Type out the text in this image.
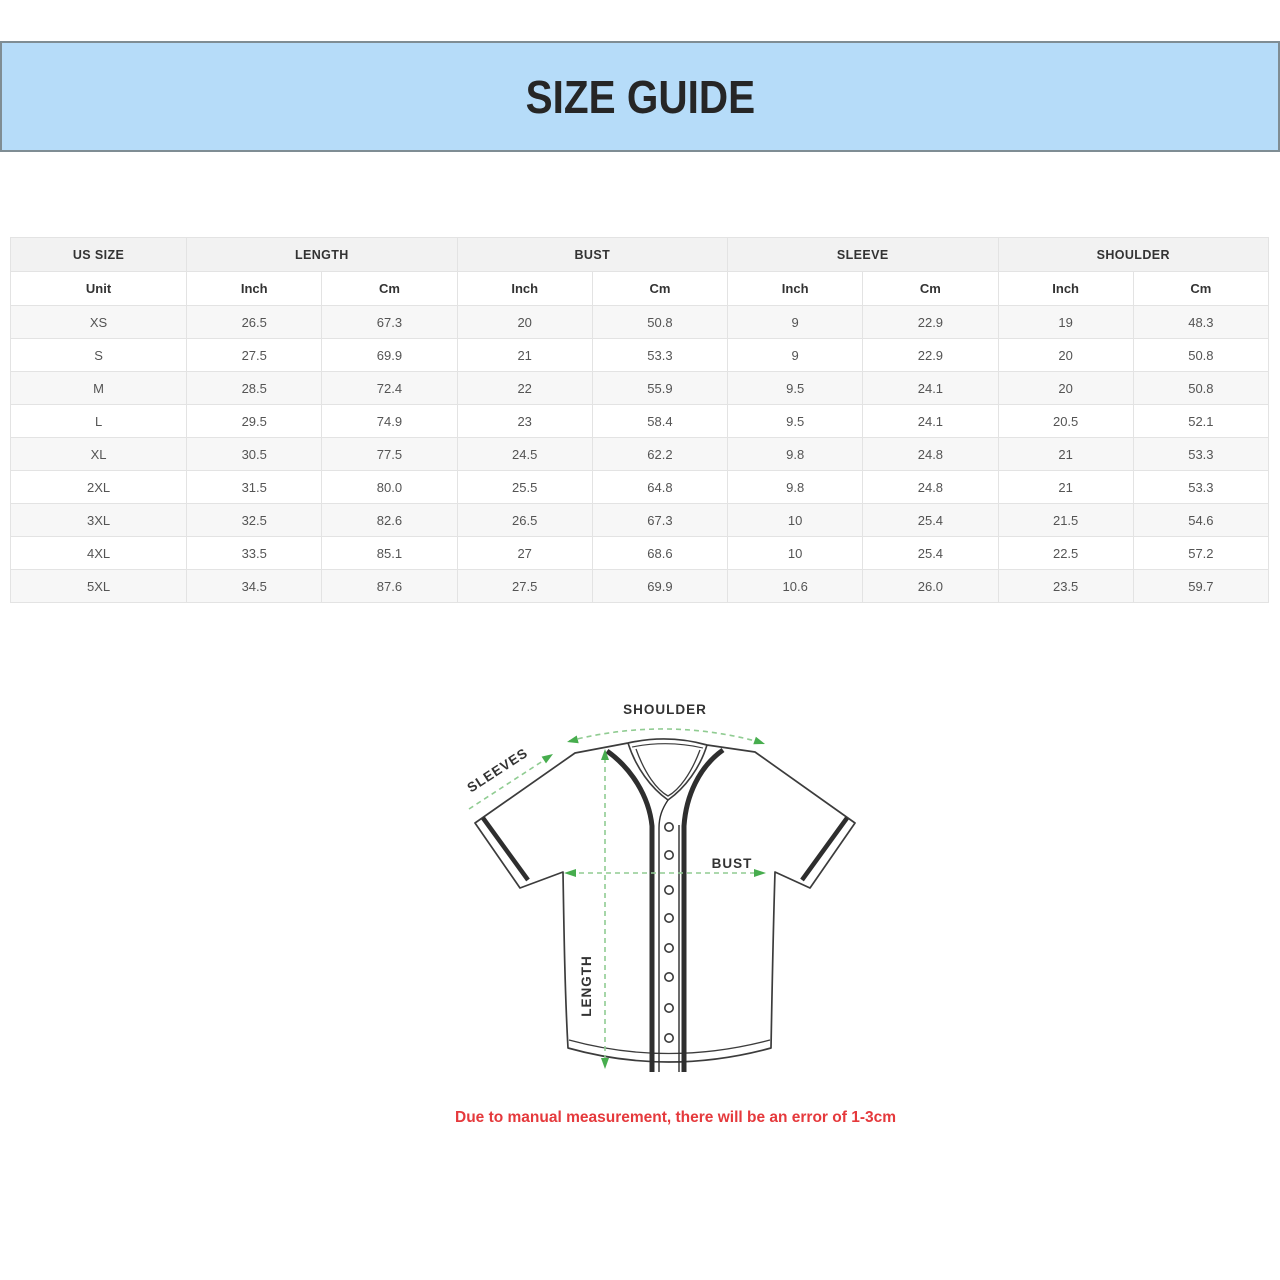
SIZE GUIDE
US SIZE	LENGTH		BUST		SLEEVE		SHOULDER	
Unit	Inch	Cm	Inch	Cm	Inch	Cm	Inch	Cm
XS	26.5	67.3	20	50.8	9	22.9	19	48.3
S	27.5	69.9	21	53.3	9	22.9	20	50.8
M	28.5	72.4	22	55.9	9.5	24.1	20	50.8
L	29.5	74.9	23	58.4	9.5	24.1	20.5	52.1
XL	30.5	77.5	24.5	62.2	9.8	24.8	21	53.3
2XL	31.5	80.0	25.5	64.8	9.8	24.8	21	53.3
3XL	32.5	82.6	26.5	67.3	10	25.4	21.5	54.6
4XL	33.5	85.1	27	68.6	10	25.4	22.5	57.2
5XL	34.5	87.6	27.5	69.9	10.6	26.0	23.5	59.7
SHOULDER
SLEEVES
BUST
LENGTH
Due to manual measurement, there will be an error of 1-3cm
